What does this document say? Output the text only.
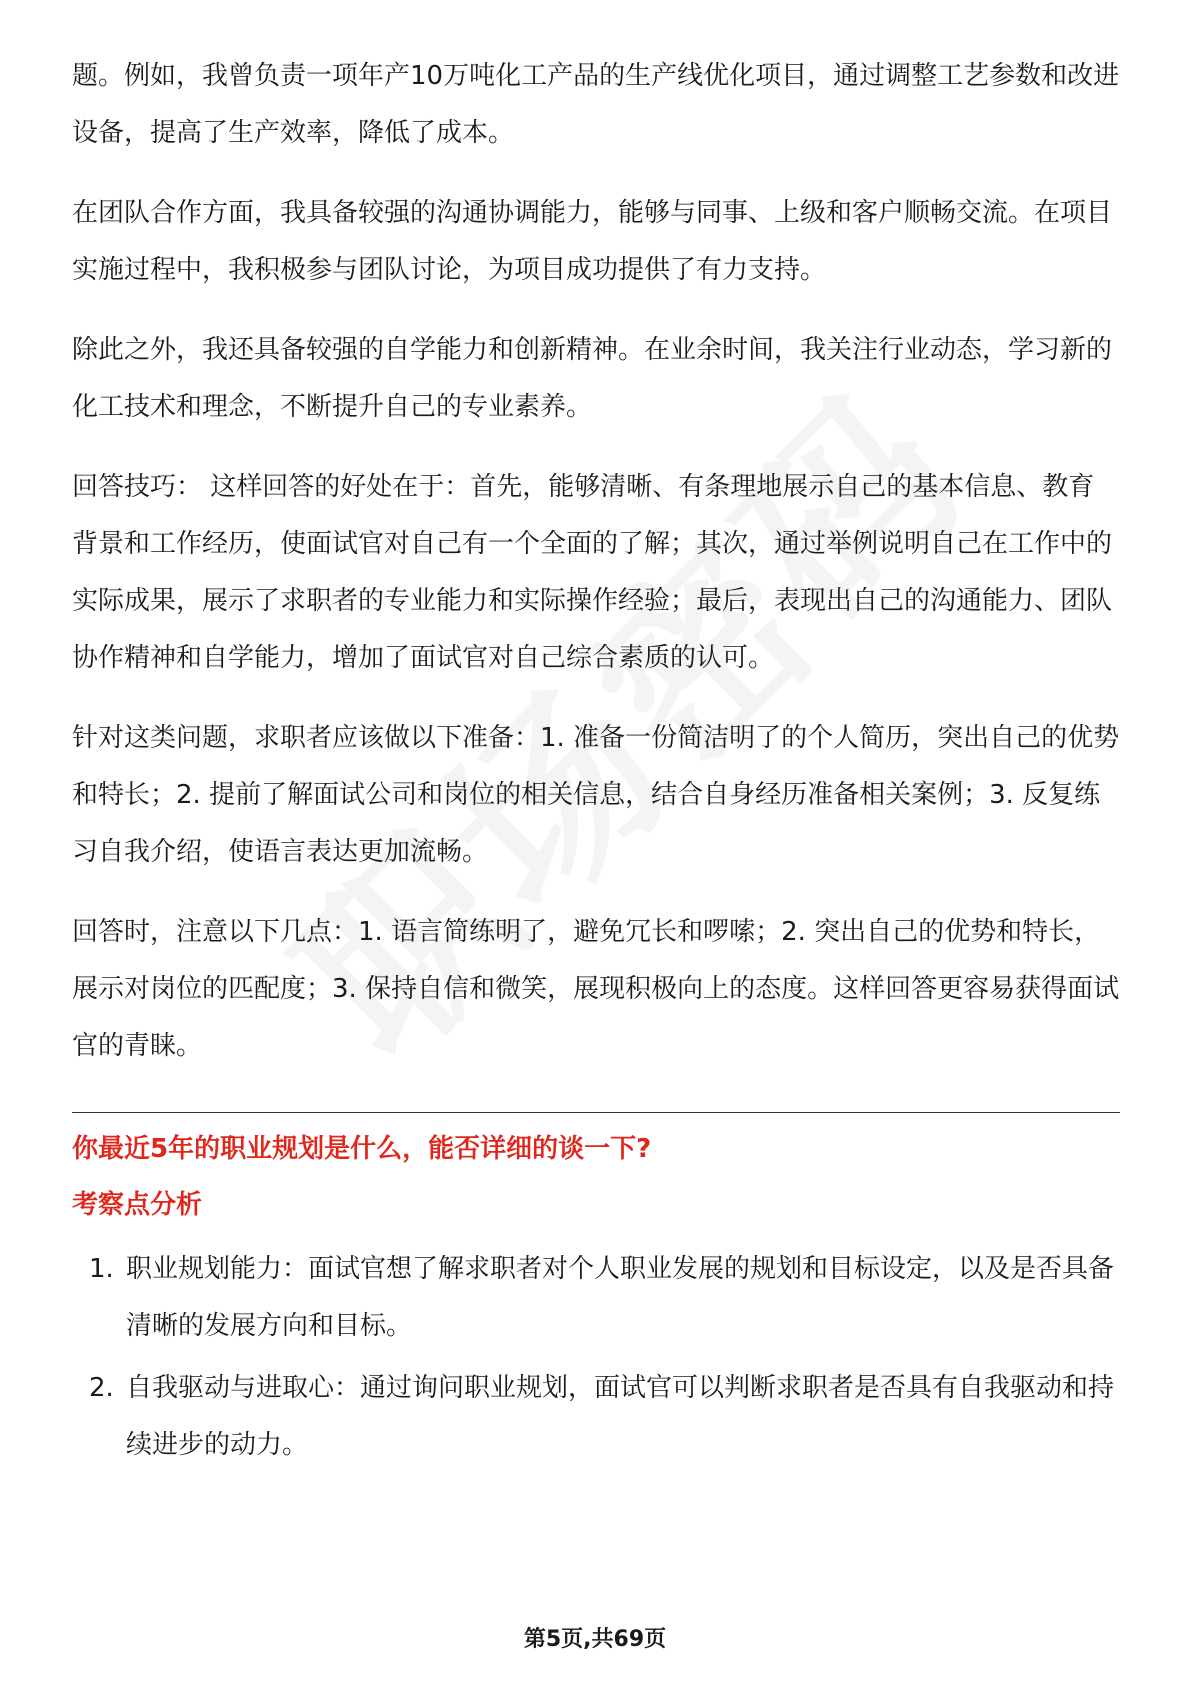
题。例如，我曾负责一项年产10万吨化工产品的生产线优化项目，通过调整工艺参数和改进设备，提高了生产效率，降低了成本。

在团队合作方面，我具备较强的沟通协调能力，能够与同事、上级和客户顺畅交流。在项目实施过程中，我积极参与团队讨论，为项目成功提供了有力支持。

除此之外，我还具备较强的自学能力和创新精神。在业余时间，我关注行业动态，学习新的化工技术和理念，不断提升自己的专业素养。

回答技巧： 这样回答的好处在于：首先，能够清晰、有条理地展示自己的基本信息、教育背景和工作经历，使面试官对自己有一个全面的了解；其次，通过举例说明自己在工作中的实际成果，展示了求职者的专业能力和实际操作经验；最后，表现出自己的沟通能力、团队协作精神和自学能力，增加了面试官对自己综合素质的认可。

针对这类问题，求职者应该做以下准备：1. 准备一份简洁明了的个人简历，突出自己的优势和特长；2. 提前了解面试公司和岗位的相关信息，结合自身经历准备相关案例；3. 反复练习自我介绍，使语言表达更加流畅。

回答时，注意以下几点：1. 语言简练明了，避免冗长和啰嗦；2. 突出自己的优势和特长，展示对岗位的匹配度；3. 保持自信和微笑，展现积极向上的态度。这样回答更容易获得面试官的青睐。

你最近5年的职业规划是什么，能否详细的谈一下?
考察点分析
1. 职业规划能力：面试官想了解求职者对个人职业发展的规划和目标设定，以及是否具备清晰的发展方向和目标。
2. 自我驱动与进取心：通过询问职业规划，面试官可以判断求职者是否具有自我驱动和持续进步的动力。
第5页,共69页
